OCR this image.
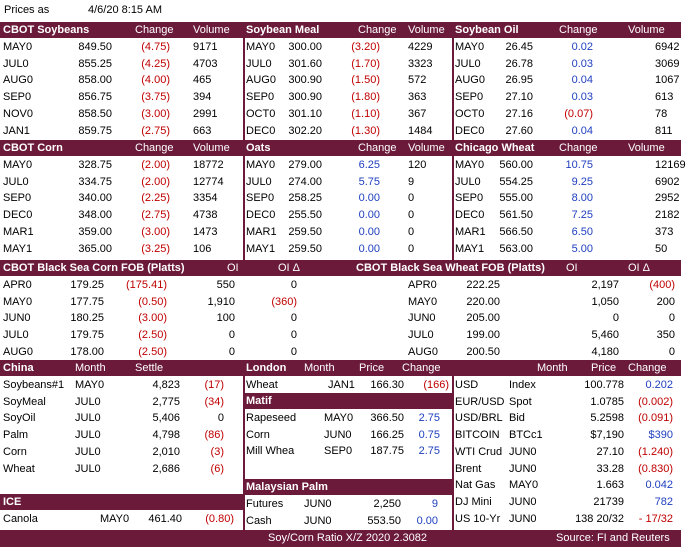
Prices as	4/6/20 8:15 AM
CBOT Soybeans	Change Volume Soybean Meal	Change Volume Soybean Oil	Change	Volume
MAY0	849.50	(4.75) 9171
JUL0	855.25	(4.25) 4703
AUG0	858.00	(4.00) 465
SEP0	856.75	(3.75) 394
NOV0	858.50	(3.00) 2991
JAN1	859.75	(2.75) 663
MAY0	300.00	(3.20)	4229
JUL0	301.60	(1.70)	3323
AUG0	300.90	(1.50)	572
SEP0	300.90	(1.80)	363
OCT0	301.10	(1.10)	367
DEC0	302.20	(1.30)	1484
MAY0	26.45	0.02	6942
JUL0	26.78	0.03	3069
AUG0	26.95	0.04	1067
SEP0	27.10	0.03	613
OCT0	27.16	(0.07)	78
DEC0	27.60	0.04	811
CBOT Corn	Change Volume Oats	Change Volume Chicago Wheat Change	Volume
MAY0	328.75	(2.00) 18772
JUL0	334.75	(2.00) 12774
SEP0	340.00	(2.25) 3354
DEC0	348.00	(2.75) 4738
MAR1	359.00	(3.00) 1473
MAY1	365.00	(3.25) 106
MAY0	279.00	6.25	120
JUL0	274.00	5.75	9
SEP0	258.25	0.00	0
DEC0	255.50	0.00	0
MAR1	259.50	0.00	0
MAY1	259.50	0.00	0
MAY0	560.00	10.75	12169
JUL0	554.25	9.25	6902
SEP0	555.00	8.00	2952
DEC0	561.50	7.25	2182
MAR1	566.50	6.50	373
MAY1	563.00	5.00	50
CBOT Black Sea Corn FOB (Platts)	OI	OI Δ	CBOT Black Sea Wheat FOB (Platts) OI	OI Δ
APR0	179.25	(175.41)	550	0
MAY0	177.75	(0.50)	1,910	(360)
JUN0	180.25	(3.00)	100	0
JUL0	179.75	(2.50)	0	0
AUG0	178.00	(2.50)	0	0
APR0	222.25	2,197	(400)
MAY0	220.00	1,050	200
JUN0	205.00	0	0
JUL0	199.00	5,460	350
AUG0	200.50	4,180	0
China	Month	Settle	London Month Price Change	Month Price Change
Matif
Malaysian Palm
ICE
Soybeans#1 MAY0	4,823	(17)
SoyMeal	JUL0	2,775	(34)
SoyOil	JUL0	5,406	0
Palm	JUL0	4,798	(86)
Corn	JUL0	2,010	(3)
Wheat	JUL0	2,686	(6)
Wheat	JAN1	166.30	(166)
Rapeseed	MAY0	366.50	2.75
Corn	JUN0	166.25	0.75
Mill Whea	SEP0	187.75	2.75
Futures JUN0	2,250	9
Cash	JUN0	553.50	0.00
USD	Index	100.778	0.202
EUR/USD Spot	1.0785	(0.002)
USD/BRL Bid	5.2598	(0.091)
BITCOIN BTCc1	$7,190	$390
WTI Crud JUN0	27.10	(1.240)
Brent	JUN0	33.28	(0.830)
Nat Gas MAY0	1.663	0.042
DJ Mini JUN0	21739	782
US 10-Yr JUN0	138 20/32	- 17/32
Canola	MAY0	461.40	(0.80)
Soy/Corn Ratio X/Z 2020 2.3082	Source: FI and Reuters
